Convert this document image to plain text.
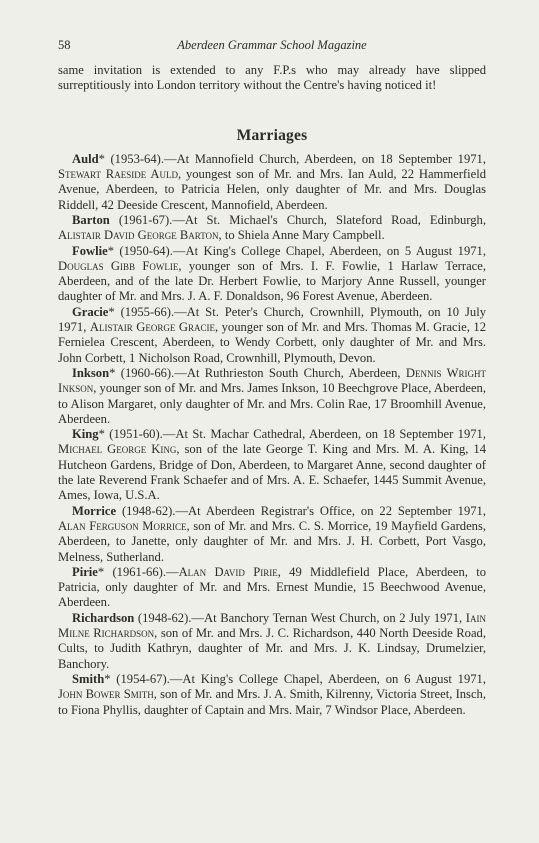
58	Aberdeen Grammar School Magazine

same invitation is extended to any F.P.s who may already have slipped surreptitiously into London territory without the Centre's having noticed it!

Marriages

Auld* (1953-64).—At Mannofield Church, Aberdeen, on 18 September 1971, Stewart Raeside Auld, youngest son of Mr. and Mrs. Ian Auld, 22 Hammerfield Avenue, Aberdeen, to Patricia Helen, only daughter of Mr. and Mrs. Douglas Riddell, 42 Deeside Crescent, Mannofield, Aberdeen.

Barton (1961-67).—At St. Michael's Church, Slateford Road, Edinburgh, Alistair David George Barton, to Shiela Anne Mary Campbell.

Fowlie* (1950-64).—At King's College Chapel, Aberdeen, on 5 August 1971, Douglas Gibb Fowlie, younger son of Mrs. I. F. Fowlie, 1 Harlaw Terrace, Aberdeen, and of the late Dr. Herbert Fowlie, to Marjory Anne Russell, younger daughter of Mr. and Mrs. J. A. F. Donaldson, 96 Forest Avenue, Aberdeen.

Gracie* (1955-66).—At St. Peter's Church, Crownhill, Plymouth, on 10 July 1971, Alistair George Gracie, younger son of Mr. and Mrs. Thomas M. Gracie, 12 Fernielea Crescent, Aberdeen, to Wendy Corbett, only daughter of Mr. and Mrs. John Corbett, 1 Nicholson Road, Crownhill, Plymouth, Devon.

Inkson* (1960-66).—At Ruthrieston South Church, Aberdeen, Dennis Wright Inkson, younger son of Mr. and Mrs. James Inkson, 10 Beechgrove Place, Aberdeen, to Alison Margaret, only daughter of Mr. and Mrs. Colin Rae, 17 Broomhill Avenue, Aberdeen.

King* (1951-60).—At St. Machar Cathedral, Aberdeen, on 18 September 1971, Michael George King, son of the late George T. King and Mrs. M. A. King, 14 Hutcheon Gardens, Bridge of Don, Aberdeen, to Margaret Anne, second daughter of the late Reverend Frank Schaefer and of Mrs. A. E. Schaefer, 1445 Summit Avenue, Ames, Iowa, U.S.A.

Morrice (1948-62).—At Aberdeen Registrar's Office, on 22 September 1971, Alan Ferguson Morrice, son of Mr. and Mrs. C. S. Morrice, 19 Mayfield Gardens, Aberdeen, to Janette, only daughter of Mr. and Mrs. J. H. Corbett, Port Vasgo, Melness, Sutherland.

Pirie* (1961-66).—Alan David Pirie, 49 Middlefield Place, Aberdeen, to Patricia, only daughter of Mr. and Mrs. Ernest Mundie, 15 Beechwood Avenue, Aberdeen.

Richardson (1948-62).—At Banchory Ternan West Church, on 2 July 1971, Iain Milne Richardson, son of Mr. and Mrs. J. C. Richardson, 440 North Deeside Road, Cults, to Judith Kathryn, daughter of Mr. and Mrs. J. K. Lindsay, Drumelzier, Banchory.

Smith* (1954-67).—At King's College Chapel, Aberdeen, on 6 August 1971, John Bower Smith, son of Mr. and Mrs. J. A. Smith, Kilrenny, Victoria Street, Insch, to Fiona Phyllis, daughter of Captain and Mrs. Mair, 7 Windsor Place, Aberdeen.
